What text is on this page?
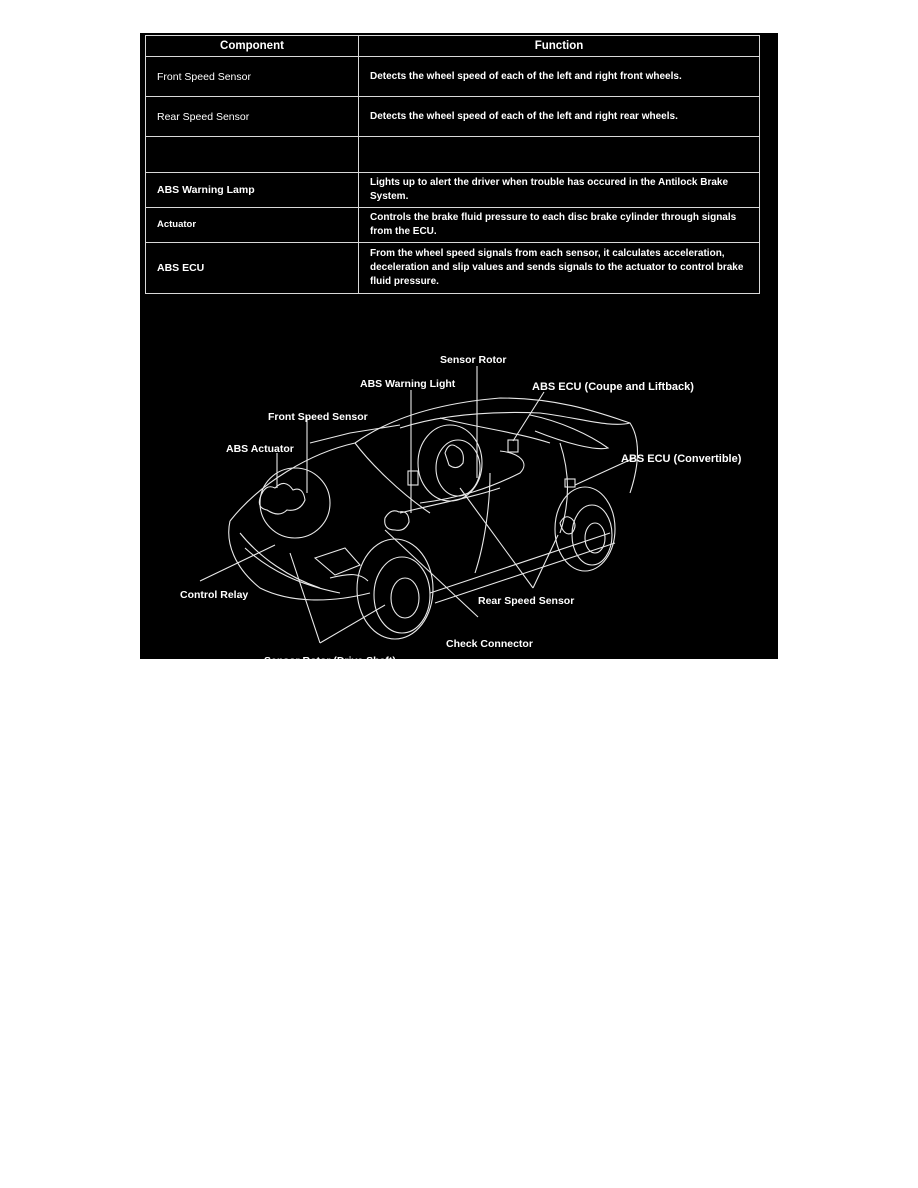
Component	Function
Front Speed Sensor	Detects the wheel speed of each of the left and right front wheels.
Rear Speed Sensor	Detects the wheel speed of each of the left and right rear wheels.

ABS Warning Lamp	Lights up to alert the driver when trouble has occured in the Antilock Brake System.
Actuator	Controls the brake fluid pressure to each disc brake cylinder through signals from the ECU.
ABS ECU	From the wheel speed signals from each sensor, it calculates acceleration, deceleration and slip values and sends signals to the actuator to control brake fluid pressure.
Sensor Rotor
ABS Warning Light	ABS ECU (Coupe and Liftback)
Front Speed Sensor
ABS Actuator
ABS ECU (Convertible)
Control Relay	Rear Speed Sensor
Check Connector
Sensor Rotor (Drive Shaft)
